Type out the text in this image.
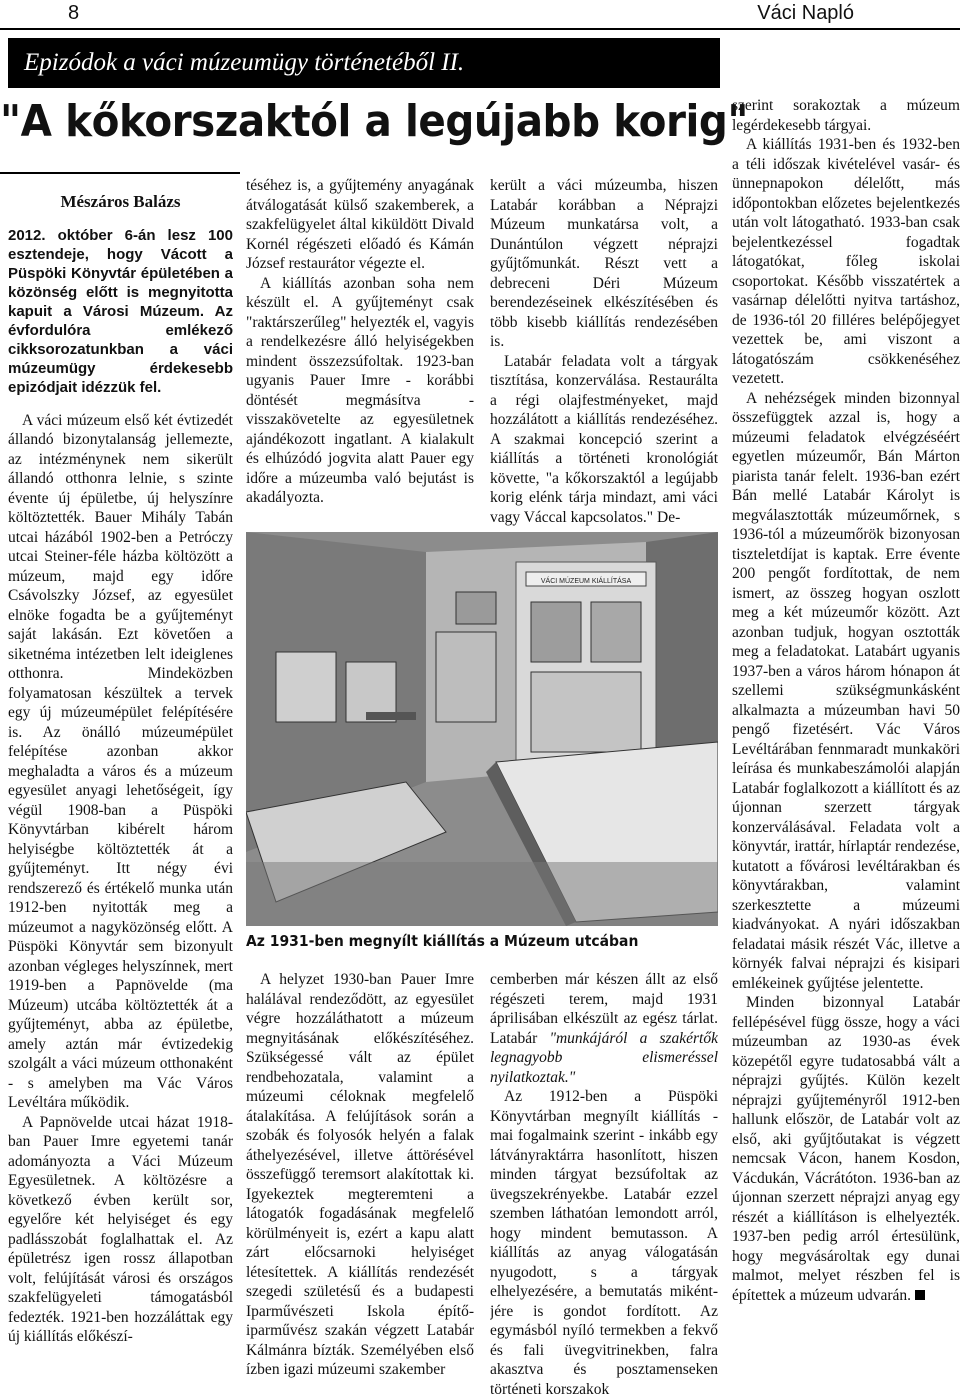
8	Váci Napló
Epizódok a váci múzeumügy történetéből II.
"A kőkorszaktól a legújabb korig"
Mészáros Balázs

2012. október 6-án lesz 100 esztendeje, hogy Vácott a Püspöki Könyvtár épületében a közönség előtt is megnyitotta kapuit a Városi Múzeum. Az évfordulóra emlékező cikksorozatunkban a váci múzeumügy érdekesebb epizódjait idézzük fel.

A váci múzeum első két évtizedét állandó bizonytalanság jellemezte, az intézménynek nem sikerült állandó otthonra lelnie, s szinte évente új épületbe, új helyszínre költöztették. Bauer Mihály Tabán utcai házából 1902-ben a Petróczy utcai Steiner-féle házba költözött a múzeum, majd egy időre Csávolszky József, az egyesület elnöke fogadta be a gyűjteményt saját lakásán. Ezt követően a siketnéma intézetben lelt ideiglenes otthonra. Mindeközben folyamatosan készültek a tervek egy új múzeumépület felépítésére is. Az önálló múzeumépület felépítése azonban akkor meghaladta a város és a múzeum egyesület anyagi lehetőségeit, így végül 1908-ban a Püspöki Könyvtárban kibérelt három helyiségbe költöztették át a gyűjteményt. Itt négy évi rendszerező és értékelő munka után 1912-ben nyitották meg a múzeumot a nagyközönség előtt. A Püspöki Könyvtár sem bizonyult azonban végleges helyszínnek, mert 1919-ben a Papnövelde (ma Múzeum) utcába költöztették át a gyűjteményt, abba az épületbe, amely aztán már évtizedekig szolgált a váci múzeum otthonaként - s amelyben ma Vác Város Levéltára működik.

A Papnövelde utcai házat 1918-ban Pauer Imre egyetemi tanár adományozta a Váci Múzeum Egyesületnek. A költözésre a következő évben került sor, egyelőre két helyiséget és egy padlásszobát foglalhattak el. Az épületrész igen rossz állapotban volt, felújítását városi és országos szakfelügyeleti támogatásból fedezték. 1921-ben hozzáláttak egy új kiállítás előkészí-

téséhez is, a gyűjtemény anyagának átválogatását külső szakemberek, a szakfelügyelet által kiküldött Divald Kornél régészeti előadó és Kámán József restaurátor végezte el.

A kiállítás azonban soha nem készült el. A gyűjteményt csak "raktárszerűleg" helyezték el, vagyis a rendelkezésre álló helyiségekben mindent összezsúfoltak. 1923-ban ugyanis Pauer Imre - korábbi döntését megmásítva - visszakövetelte az egyesületnek ajándékozott ingatlant. A kialakult és elhúzódó jogvita alatt Pauer egy időre a múzeumba való bejutást is akadályozta.

került a váci múzeumba, hiszen Latabár korábban a Néprajzi Múzeum munkatársa volt, a Dunántúlon végzett néprajzi gyűjtőmunkát. Részt vett a debreceni Déri Múzeum berendezéseinek elkészítésében és több kisebb kiállítás rendezésében is.

Latabár feladata volt a tárgyak tisztítása, konzerválása. Restaurálta a régi olajfestményeket, majd hozzálátott a kiállítás rendezéséhez. A szakmai koncepció szerint a kiállítás a történeti kronológiát követte, "a kőkorszaktól a legújabb korig elénk tárja mindazt, ami váci vagy Váccal kapcsolatos." De-

VÁCI MÚZEUM KIÁLLÍTÁSA
Az 1931-ben megnyílt kiállítás a Múzeum utcában

A helyzet 1930-ban Pauer Imre halálával rendeződött, az egyesület végre hozzáláthatott a múzeum megnyitásának előkészítéséhez. Szükségessé vált az épület rendbehozatala, valamint a múzeumi céloknak megfelelő átalakítása. A felújítások során a szobák és folyosók helyén a falak áthelyezésével, illetve áttörésével összefüggő teremsort alakítottak ki. Igyekeztek megteremteni a látogatók fogadásának megfelelő körülményeit is, ezért a kapu alatt zárt előcsarnoki helyiséget létesítettek. A kiállítás rendezését szegedi születésű és a budapesti Iparművészeti Iskola építő-iparművész szakán végzett Latabár Kálmánra bízták. Személyében első ízben igazi múzeumi szakember

cemberben már készen állt az első régészeti terem, majd 1931 áprilisában elkészült az egész tárlat. Latabár "munkájáról a szakértők legnagyobb elismeréssel nyilatkoztak."

Az 1912-ben a Püspöki Könyvtárban megnyílt kiállítás - mai fogalmaink szerint - inkább egy látványraktárra hasonlított, hiszen minden tárgyat bezsúfoltak az üvegszekrényekbe. Latabár ezzel szemben láthatóan lemondott arról, hogy mindent bemutasson. A kiállítás az anyag válogatásán nyugodott, s a tárgyak elhelyezésére, a bemutatás mikéntjére is gondot fordított. Az egymásból nyíló termekben a fekvő és fali üvegvitrinekben, falra akasztva és posztamenseken történeti korszakok

szerint sorakoztak a múzeum legérdekesebb tárgyai.

A kiállítás 1931-ben és 1932-ben a téli időszak kivételével vasár- és ünnepnapokon délelőtt, más időpontokban előzetes bejelentkezés után volt látogatható. 1933-ban csak bejelentkezéssel fogadtak látogatókat, főleg iskolai csoportokat. Később visszatértek a vasárnap délelőtti nyitva tartáshoz, de 1936-tól 20 filléres belépőjegyet vezettek be, ami viszont a látogatószám csökkenéséhez vezetett.

A nehézségek minden bizonnyal összefüggtek azzal is, hogy a múzeumi feladatok elvégzéséért egyetlen múzeumőr, Bán Márton piarista tanár felelt. 1936-ban ezért Bán mellé Latabár Károlyt is megválasztották múzeumőrnek, s 1936-tól a múzeumőrök bizonyosan tiszteletdíjat is kaptak. Erre évente 200 pengőt fordítottak, de nem ismert, az összeg hogyan oszlott meg a két múzeumőr között. Azt azonban tudjuk, hogyan osztották meg a feladatokat. Latabárt ugyanis 1937-ben a város három hónapon át szellemi szükségmunkásként alkalmazta a múzeumban havi 50 pengő fizetésért. Vác Város Levéltárában fennmaradt munkaköri leírása és munkabeszámolói alapján Latabár foglalkozott a kiállított és az újonnan szerzett tárgyak konzerválásával. Feladata volt a könyvtár, irattár, hírlaptár rendezése, kutatott a fővárosi levéltárakban és könyvtárakban, valamint szerkesztette a múzeumi kiadványokat. A nyári időszakban feladatai másik részét Vác, illetve a környék falvai néprajzi és kisipari emlékeinek gyűjtése jelentette.

Minden bizonnyal Latabár fellépésével függ össze, hogy a váci múzeumban az 1930-as évek közepétől egyre tudatosabbá vált a néprajzi gyűjtés. Külön kezelt néprajzi gyűjteményről 1912-ben hallunk először, de Latabár volt az első, aki gyűjtőutakat is végzett nemcsak Vácon, hanem Kosdon, Vácdukán, Vácrátóton. 1936-ban az újonnan szerzett néprajzi anyag egy részét a kiállításon is elhelyezték. 1937-ben pedig arról értesülünk, hogy megvásároltak egy dunai malmot, melyet részben fel is építettek a múzeum udvarán.
